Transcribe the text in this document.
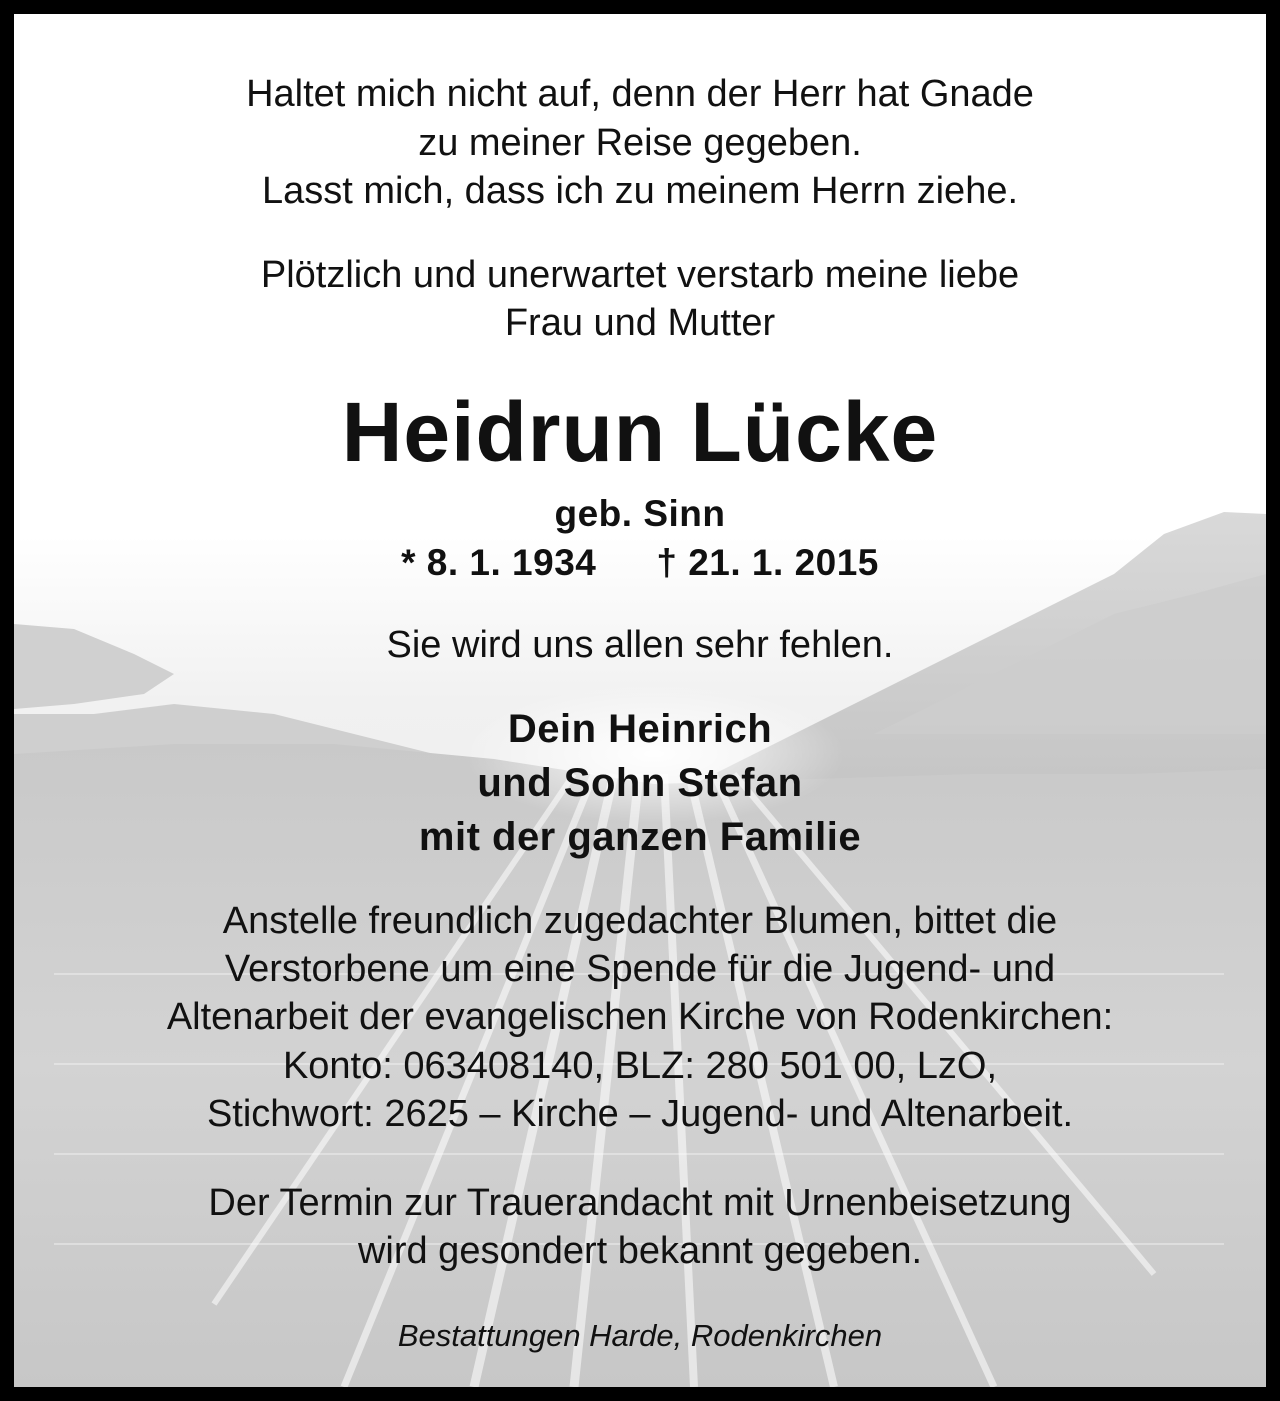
Haltet mich nicht auf, denn der Herr hat Gnade
zu meiner Reise gegeben.
Lasst mich, dass ich zu meinem Herrn ziehe.
Plötzlich und unerwartet verstarb meine liebe
Frau und Mutter
Heidrun Lücke
geb. Sinn
* 8. 1. 1934 † 21. 1. 2015
Sie wird uns allen sehr fehlen.
Dein Heinrich
und Sohn Stefan
mit der ganzen Familie
Anstelle freundlich zugedachter Blumen, bittet die
Verstorbene um eine Spende für die Jugend- und
Altenarbeit der evangelischen Kirche von Rodenkirchen:
Konto: 063408140, BLZ: 280 501 00, LzO,
Stichwort: 2625 – Kirche – Jugend- und Altenarbeit.
Der Termin zur Trauerandacht mit Urnenbeisetzung
wird gesondert bekannt gegeben.
Bestattungen Harde, Rodenkirchen
